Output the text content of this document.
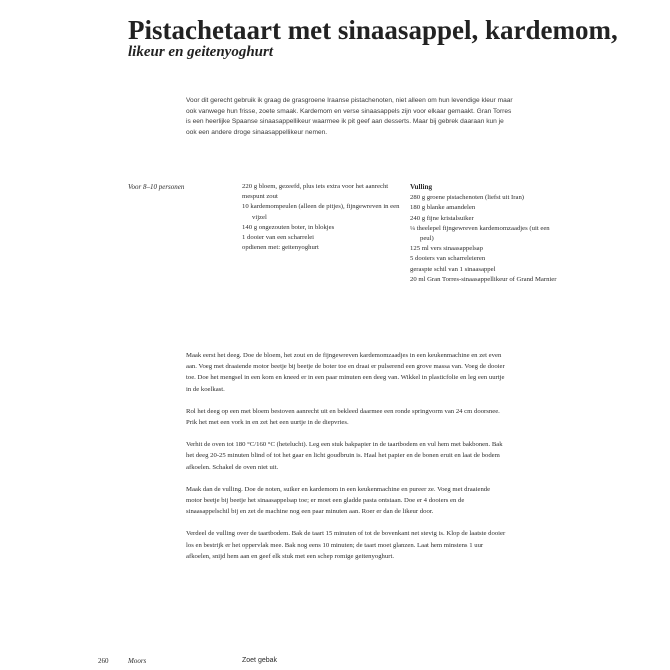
Pistachetaart met sinaasappel, kardemom,
likeur en geitenyoghurt

Voor dit gerecht gebruik ik graag de grasgroene Iraanse pistachenoten, niet alleen om hun levendige kleur maar ook vanwege hun frisse, zoete smaak. Kardemom en verse sinaasappels zijn voor elkaar gemaakt. Gran Torres is een heerlijke Spaanse sinaasappellikeur waarmee ik pit geef aan desserts. Maar bij gebrek daaraan kun je ook een andere droge sinaasappellikeur nemen.

Voor 8–10 personen	220 g bloem, gezeefd, plus iets extra voor het aanrecht
mespunt zout
10 kardemompeulen (alleen de pitjes), fijngewreven in een vijzel
140 g ongezouten boter, in blokjes
1 dooier van een scharrelei
opdienen met: geitenyoghurt
Vulling
280 g groene pistachenoten (liefst uit Iran)
180 g blanke amandelen
240 g fijne kristalsuiker
¼ theelepel fijngewreven kardemomzaadjes (uit een peul)
125 ml vers sinaasappelsap
5 dooiers van scharreleieren
geraspte schil van 1 sinaasappel
20 ml Gran Torres-sinaasappellikeur of Grand Marnier

Maak eerst het deeg. Doe de bloem, het zout en de fijngewreven kardemomzaadjes in een keukenmachine en zet even aan. Voeg met draaiende motor beetje bij beetje de boter toe en draai er pulserend een grove massa van. Voeg de dooier toe. Doe het mengsel in een kom en kneed er in een paar minuten een deeg van. Wikkel in plasticfolie en leg een uurtje in de koelkast.

Rol het deeg op een met bloem bestoven aanrecht uit en bekleed daarmee een ronde springvorm van 24 cm doorsnee. Prik het met een vork in en zet het een uurtje in de diepvries.

Verhit de oven tot 180 °C/160 °C (hetelucht). Leg een stuk bakpapier in de taartbodem en vul hem met bakbonen. Bak het deeg 20-25 minuten blind of tot het gaar en licht goudbruin is. Haal het papier en de bonen eruit en laat de bodem afkoelen. Schakel de oven niet uit.

Maak dan de vulling. Doe de noten, suiker en kardemom in een keukenmachine en pureer ze. Voeg met draaiende motor beetje bij beetje het sinaasappelsap toe; er moet een gladde pasta ontstaan. Doe er 4 dooiers en de sinaasappelschil bij en zet de machine nog een paar minuten aan. Roer er dan de likeur door.

Verdeel de vulling over de taartbodem. Bak de taart 15 minuten of tot de bovenkant net stevig is. Klop de laatste dooier los en bestrijk er het oppervlak mee. Bak nog eens 10 minuten; de taart moet glanzen. Laat hem minstens 1 uur afkoelen, snijd hem aan en geef elk stuk met een schep romige geitenyoghurt.

260	Moors	Zoet gebak
